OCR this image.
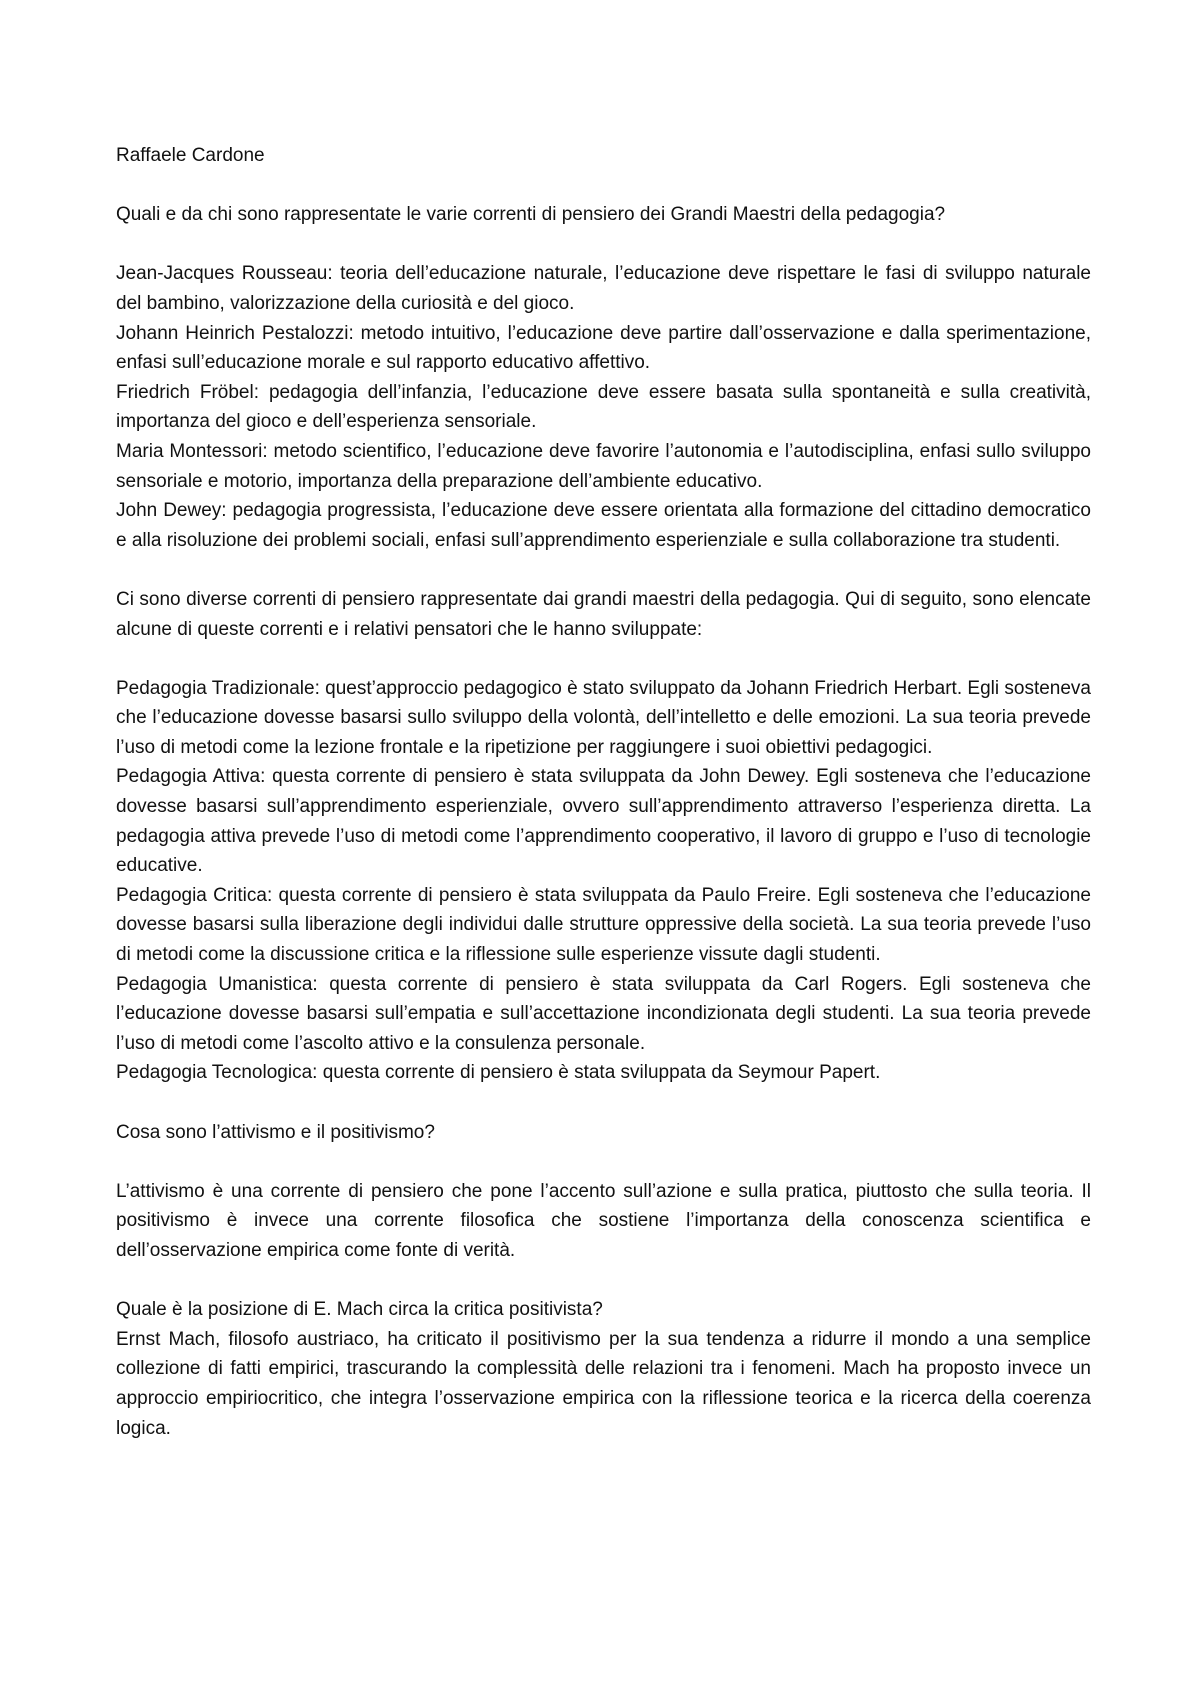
Raffaele Cardone

Quali e da chi sono rappresentate le varie correnti di pensiero dei Grandi Maestri della pedagogia?

Jean-Jacques Rousseau: teoria dell’educazione naturale, l’educazione deve rispettare le fasi di sviluppo naturale del bambino, valorizzazione della curiosità e del gioco.

Johann Heinrich Pestalozzi: metodo intuitivo, l’educazione deve partire dall’osservazione e dalla sperimentazione, enfasi sull’educazione morale e sul rapporto educativo affettivo.

Friedrich Fröbel: pedagogia dell’infanzia, l’educazione deve essere basata sulla spontaneità e sulla creatività, importanza del gioco e dell’esperienza sensoriale.

Maria Montessori: metodo scientifico, l’educazione deve favorire l’autonomia e l’autodisciplina, enfasi sullo sviluppo sensoriale e motorio, importanza della preparazione dell’ambiente educativo.

John Dewey: pedagogia progressista, l’educazione deve essere orientata alla formazione del cittadino democratico e alla risoluzione dei problemi sociali, enfasi sull’apprendimento esperienziale e sulla collaborazione tra studenti.

Ci sono diverse correnti di pensiero rappresentate dai grandi maestri della pedagogia. Qui di seguito, sono elencate alcune di queste correnti e i relativi pensatori che le hanno sviluppate:

Pedagogia Tradizionale: quest’approccio pedagogico è stato sviluppato da Johann Friedrich Herbart. Egli sosteneva che l’educazione dovesse basarsi sullo sviluppo della volontà, dell’intelletto e delle emozioni. La sua teoria prevede l’uso di metodi come la lezione frontale e la ripetizione per raggiungere i suoi obiettivi pedagogici.

Pedagogia Attiva: questa corrente di pensiero è stata sviluppata da John Dewey. Egli sosteneva che l’educazione dovesse basarsi sull’apprendimento esperienziale, ovvero sull’apprendimento attraverso l’esperienza diretta. La pedagogia attiva prevede l’uso di metodi come l’apprendimento cooperativo, il lavoro di gruppo e l’uso di tecnologie educative.

Pedagogia Critica: questa corrente di pensiero è stata sviluppata da Paulo Freire. Egli sosteneva che l’educazione dovesse basarsi sulla liberazione degli individui dalle strutture oppressive della società. La sua teoria prevede l’uso di metodi come la discussione critica e la riflessione sulle esperienze vissute dagli studenti.

Pedagogia Umanistica: questa corrente di pensiero è stata sviluppata da Carl Rogers. Egli sosteneva che l’educazione dovesse basarsi sull’empatia e sull’accettazione incondizionata degli studenti. La sua teoria prevede l’uso di metodi come l’ascolto attivo e la consulenza personale.

Pedagogia Tecnologica: questa corrente di pensiero è stata sviluppata da Seymour Papert.

Cosa sono l’attivismo e il positivismo?

L’attivismo è una corrente di pensiero che pone l’accento sull’azione e sulla pratica, piuttosto che sulla teoria. Il positivismo è invece una corrente filosofica che sostiene l’importanza della conoscenza scientifica e dell’osservazione empirica come fonte di verità.

Quale è la posizione di E. Mach circa la critica positivista?

Ernst Mach, filosofo austriaco, ha criticato il positivismo per la sua tendenza a ridurre il mondo a una semplice collezione di fatti empirici, trascurando la complessità delle relazioni tra i fenomeni. Mach ha proposto invece un approccio empiriocritico, che integra l’osservazione empirica con la riflessione teorica e la ricerca della coerenza logica.
